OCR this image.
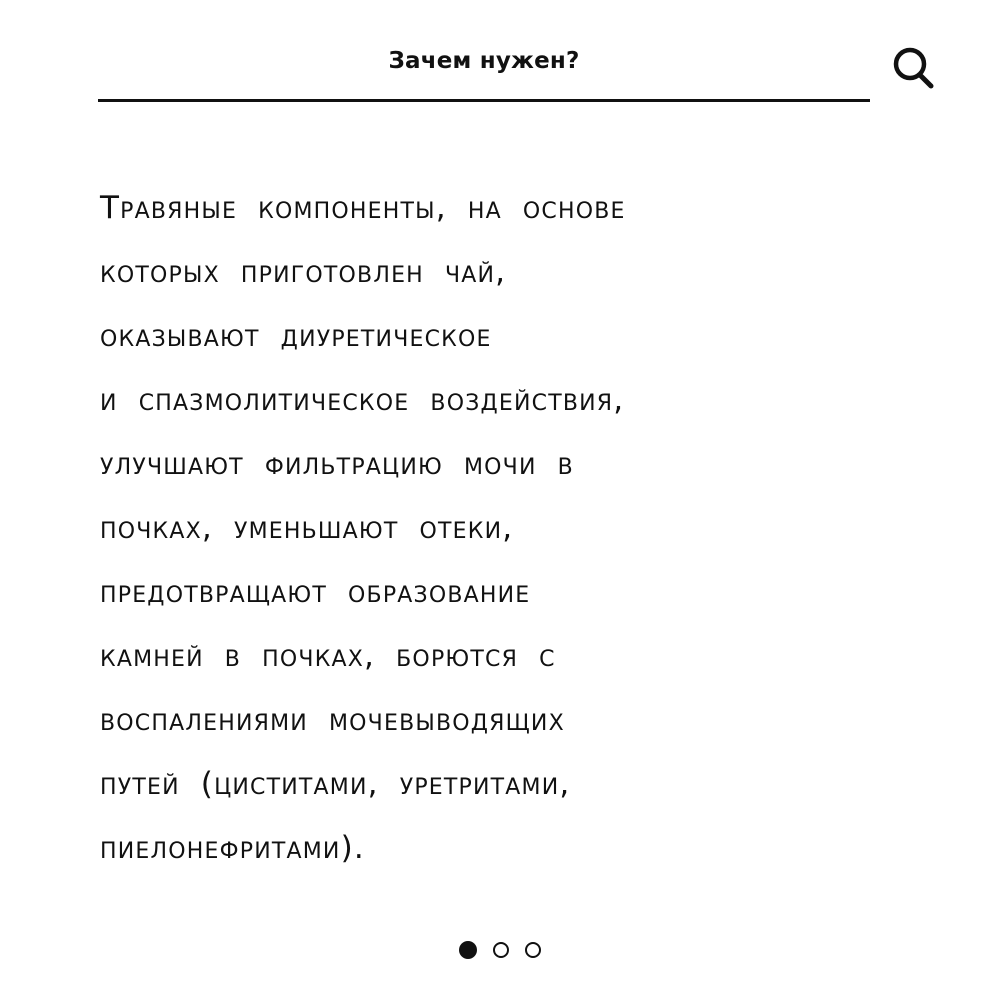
Зачем нужен?
Травяные компоненты, на основе
которых приготовлен чай,
оказывают диуретическое
и спазмолитическое воздействия,
улучшают фильтрацию мочи в
почках, уменьшают отеки,
предотвращают образование
камней в почках, борются с
воспалениями мочевыводящих
путей (циститами, уретритами,
пиелонефритами).
